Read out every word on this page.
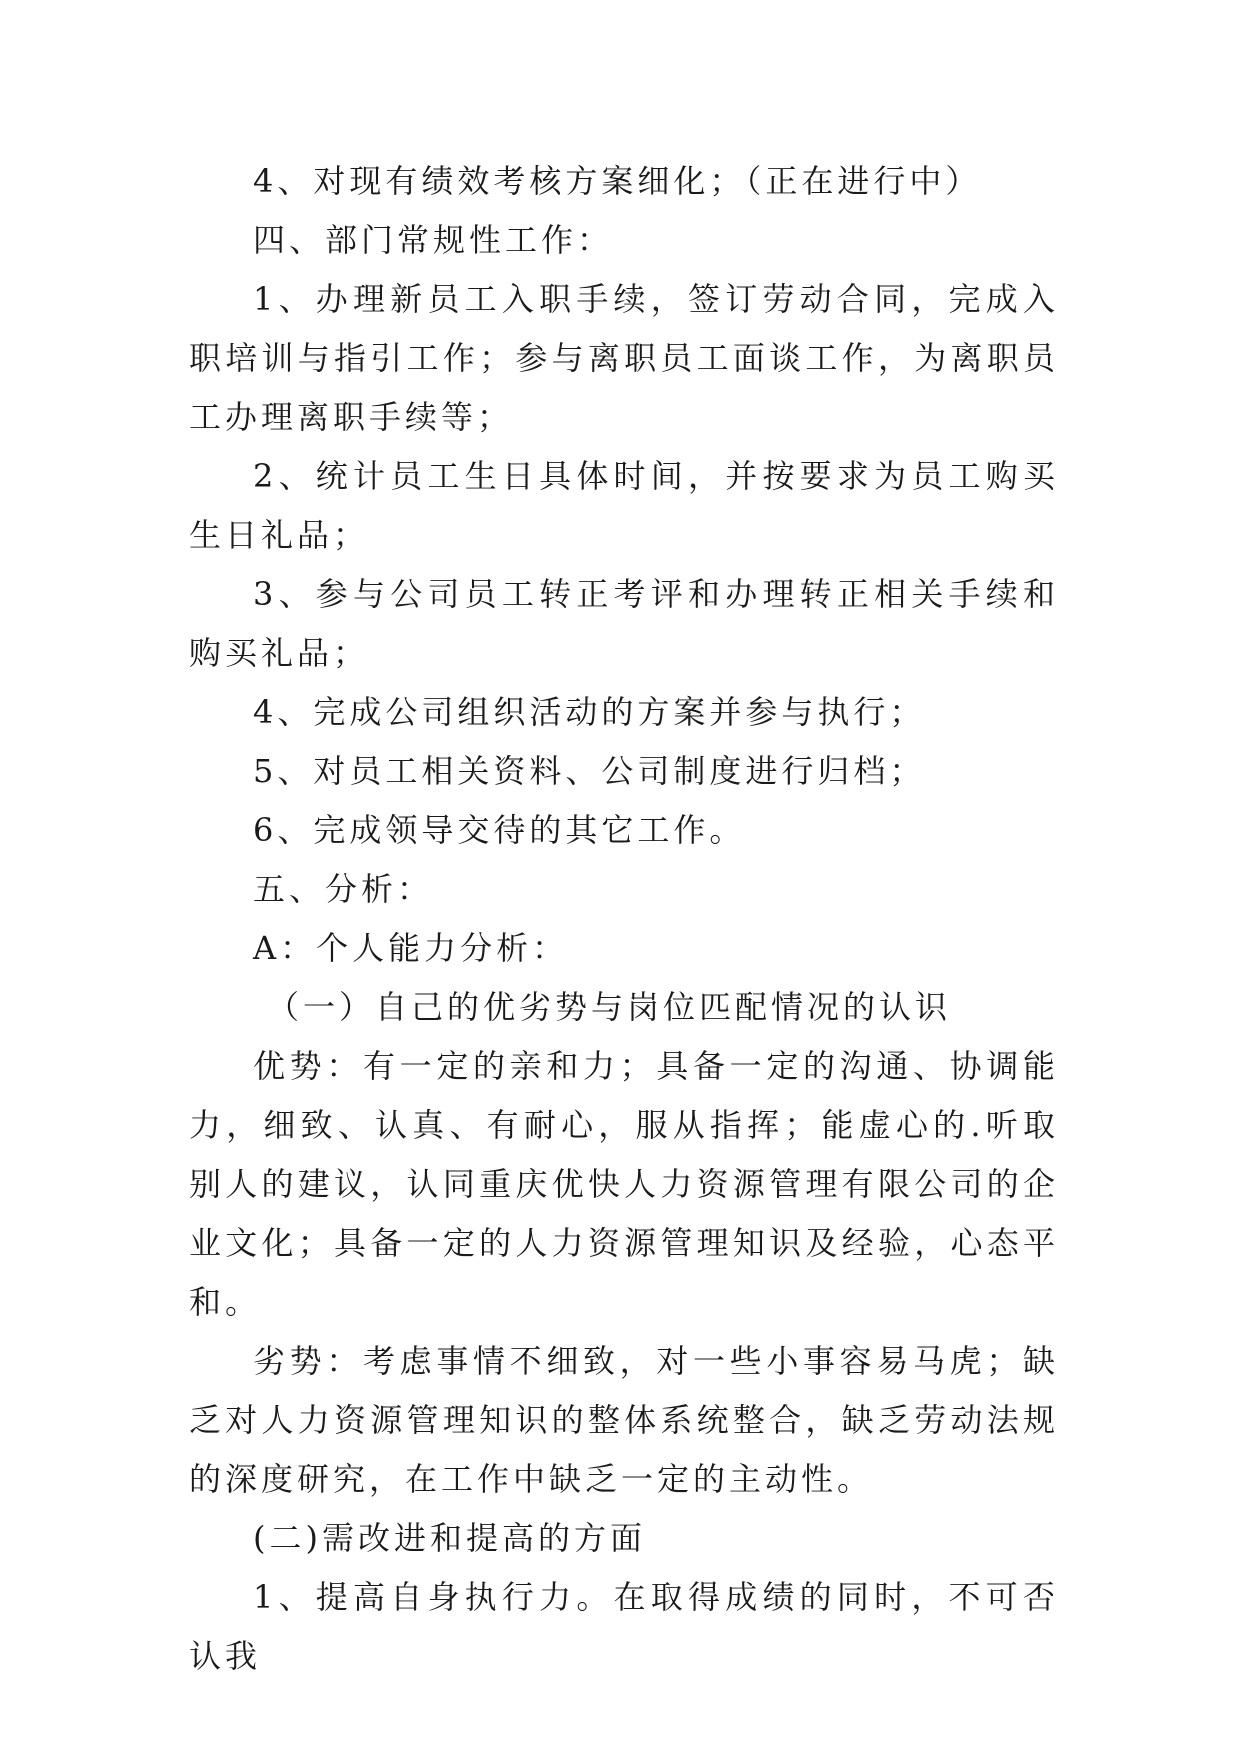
4、对现有绩效考核方案细化；（正在进行中）

四、部门常规性工作：

1、办理新员工入职手续，签订劳动合同，完成入职培训与指引工作；参与离职员工面谈工作，为离职员工办理离职手续等；

2、统计员工生日具体时间，并按要求为员工购买生日礼品；

3、参与公司员工转正考评和办理转正相关手续和购买礼品；

4、完成公司组织活动的方案并参与执行；

5、对员工相关资料、公司制度进行归档；

6、完成领导交待的其它工作。

五、分析：

A：个人能力分析：

（一）自己的优劣势与岗位匹配情况的认识

优势：有一定的亲和力；具备一定的沟通、协调能力，细致、认真、有耐心，服从指挥；能虚心的.听取别人的建议，认同重庆优快人力资源管理有限公司的企业文化；具备一定的人力资源管理知识及经验，心态平和。

劣势：考虑事情不细致，对一些小事容易马虎；缺乏对人力资源管理知识的整体系统整合，缺乏劳动法规的深度研究，在工作中缺乏一定的主动性。

(二)需改进和提高的方面

1、提高自身执行力。在取得成绩的同时，不可否认我
